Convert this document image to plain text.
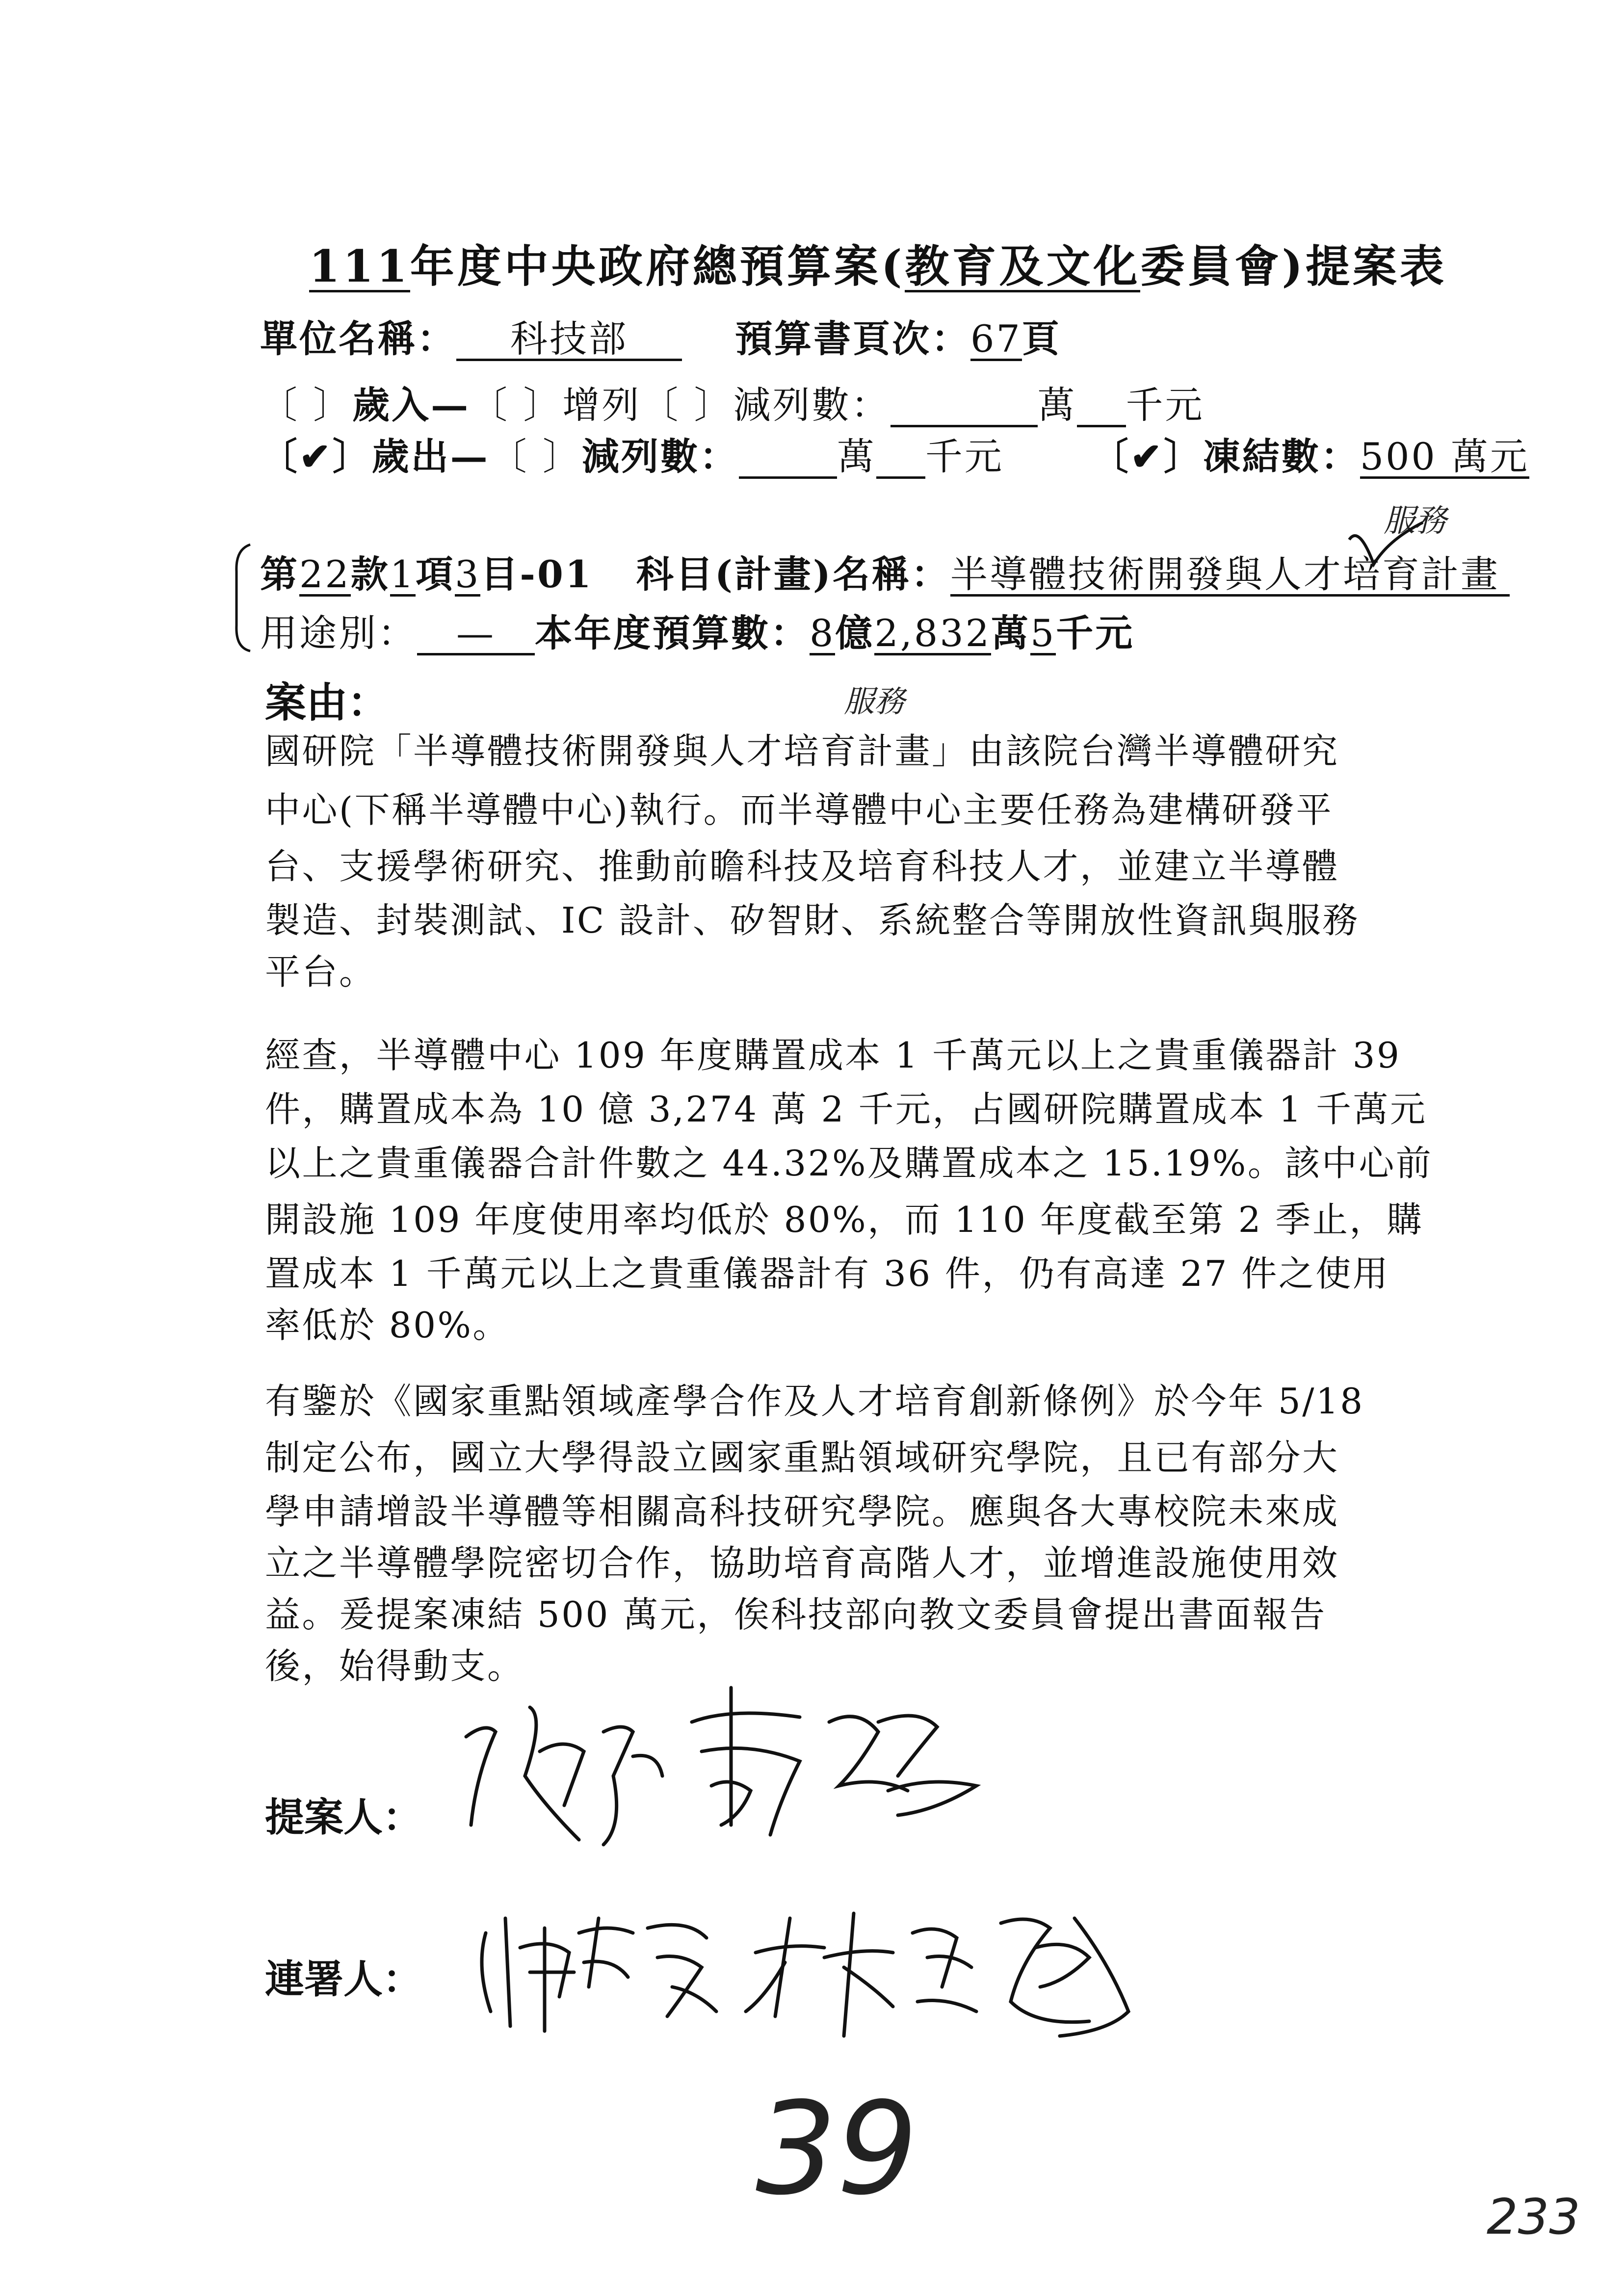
111年度中央政府總預算案(教育及文化委員會)提案表
單位名稱： 科技部	預算書頁次：67頁
〔 〕歲入—〔 〕增列〔 〕減列數：	萬 千元
〔✔〕歲出—〔 〕減列數：	萬 千元 〔✔〕凍結數：500 萬元
第22款1項3目-01 科目(計畫)名稱：半導體技術開發與人才培育計畫
服務
用途別： — 本年度預算數：8億2,832萬5千元
案由：	服務
國研院「半導體技術開發與人才培育計畫」由該院台灣半導體研究
中心(下稱半導體中心)執行。而半導體中心主要任務為建構研發平
台、支援學術研究、推動前瞻科技及培育科技人才，並建立半導體
製造、封裝測試、IC 設計、矽智財、系統整合等開放性資訊與服務
平台。
經查，半導體中心 109 年度購置成本 1 千萬元以上之貴重儀器計 39
件，購置成本為 10 億 3,274 萬 2 千元，占國研院購置成本 1 千萬元
以上之貴重儀器合計件數之 44.32%及購置成本之 15.19%。該中心前
開設施 109 年度使用率均低於 80%，而 110 年度截至第 2 季止，購
置成本 1 千萬元以上之貴重儀器計有 36 件，仍有高達 27 件之使用
率低於 80%。
有鑒於《國家重點領域產學合作及人才培育創新條例》於今年 5/18
制定公布，國立大學得設立國家重點領域研究學院，且已有部分大
學申請增設半導體等相關高科技研究學院。應與各大專校院未來成
立之半導體學院密切合作，協助培育高階人才，並增進設施使用效
益。爰提案凍結 500 萬元，俟科技部向教文委員會提出書面報告
後，始得動支。
提案人：
連署人：
39	233
